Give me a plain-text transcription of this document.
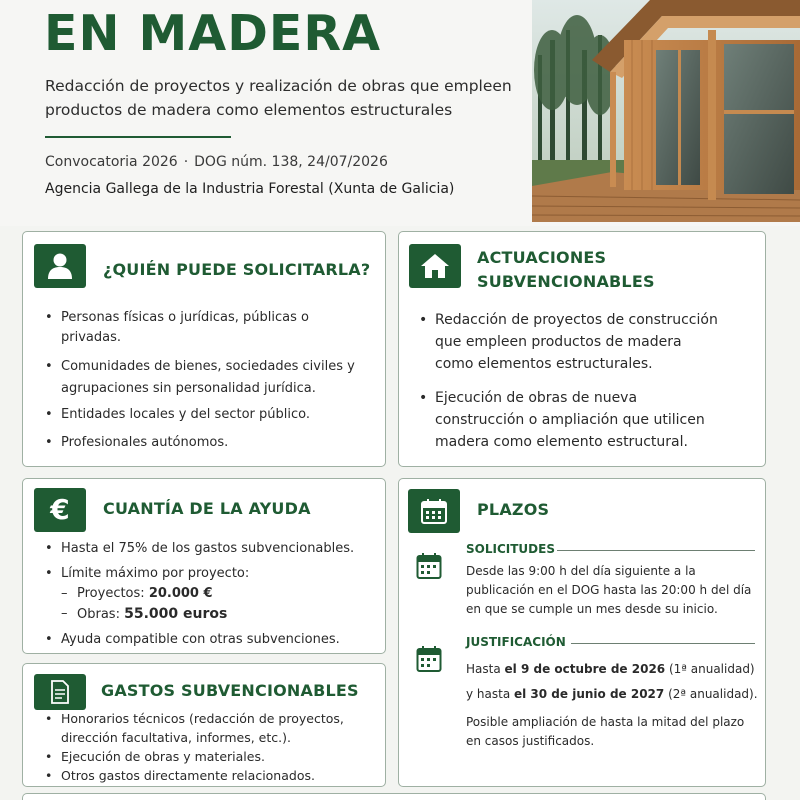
EN MADERA
Redacción de proyectos y realización de obras que empleen productos de madera como elementos estructurales
Convocatoria 2026 · DOG núm. 138, 24/07/2026
Agencia Gallega de la Industria Forestal (Xunta de Galicia)
¿QUIÉN PUEDE SOLICITARLA?
• Personas físicas o jurídicas, públicas o privadas.
• Comunidades de bienes, sociedades civiles y agrupaciones sin personalidad jurídica.
• Entidades locales y del sector público.
• Profesionales autónomos.
ACTUACIONES
SUBVENCIONABLES
• Redacción de proyectos de construcción que empleen productos de madera como elementos estructurales.
• Ejecución de obras de nueva construcción o ampliación que utilicen madera como elemento estructural.
€ CUANTÍA DE LA AYUDA
• Hasta el 75% de los gastos subvencionables.
• Límite máximo por proyecto:
– Proyectos: 20.000 €
– Obras: 55.000 euros
• Ayuda compatible con otras subvenciones.
GASTOS SUBVENCIONABLES
• Honorarios técnicos (redacción de proyectos, dirección facultativa, informes, etc.).
• Ejecución de obras y materiales.
• Otros gastos directamente relacionados.
PLAZOS
SOLICITUDES
Desde las 9:00 h del día siguiente a la publicación en el DOG hasta las 20:00 h del día en que se cumple un mes desde su inicio.
JUSTIFICACIÓN
Hasta el 9 de octubre de 2026 (1ª anualidad)
y hasta el 30 de junio de 2027 (2ª anualidad).
Posible ampliación de hasta la mitad del plazo en casos justificados.
